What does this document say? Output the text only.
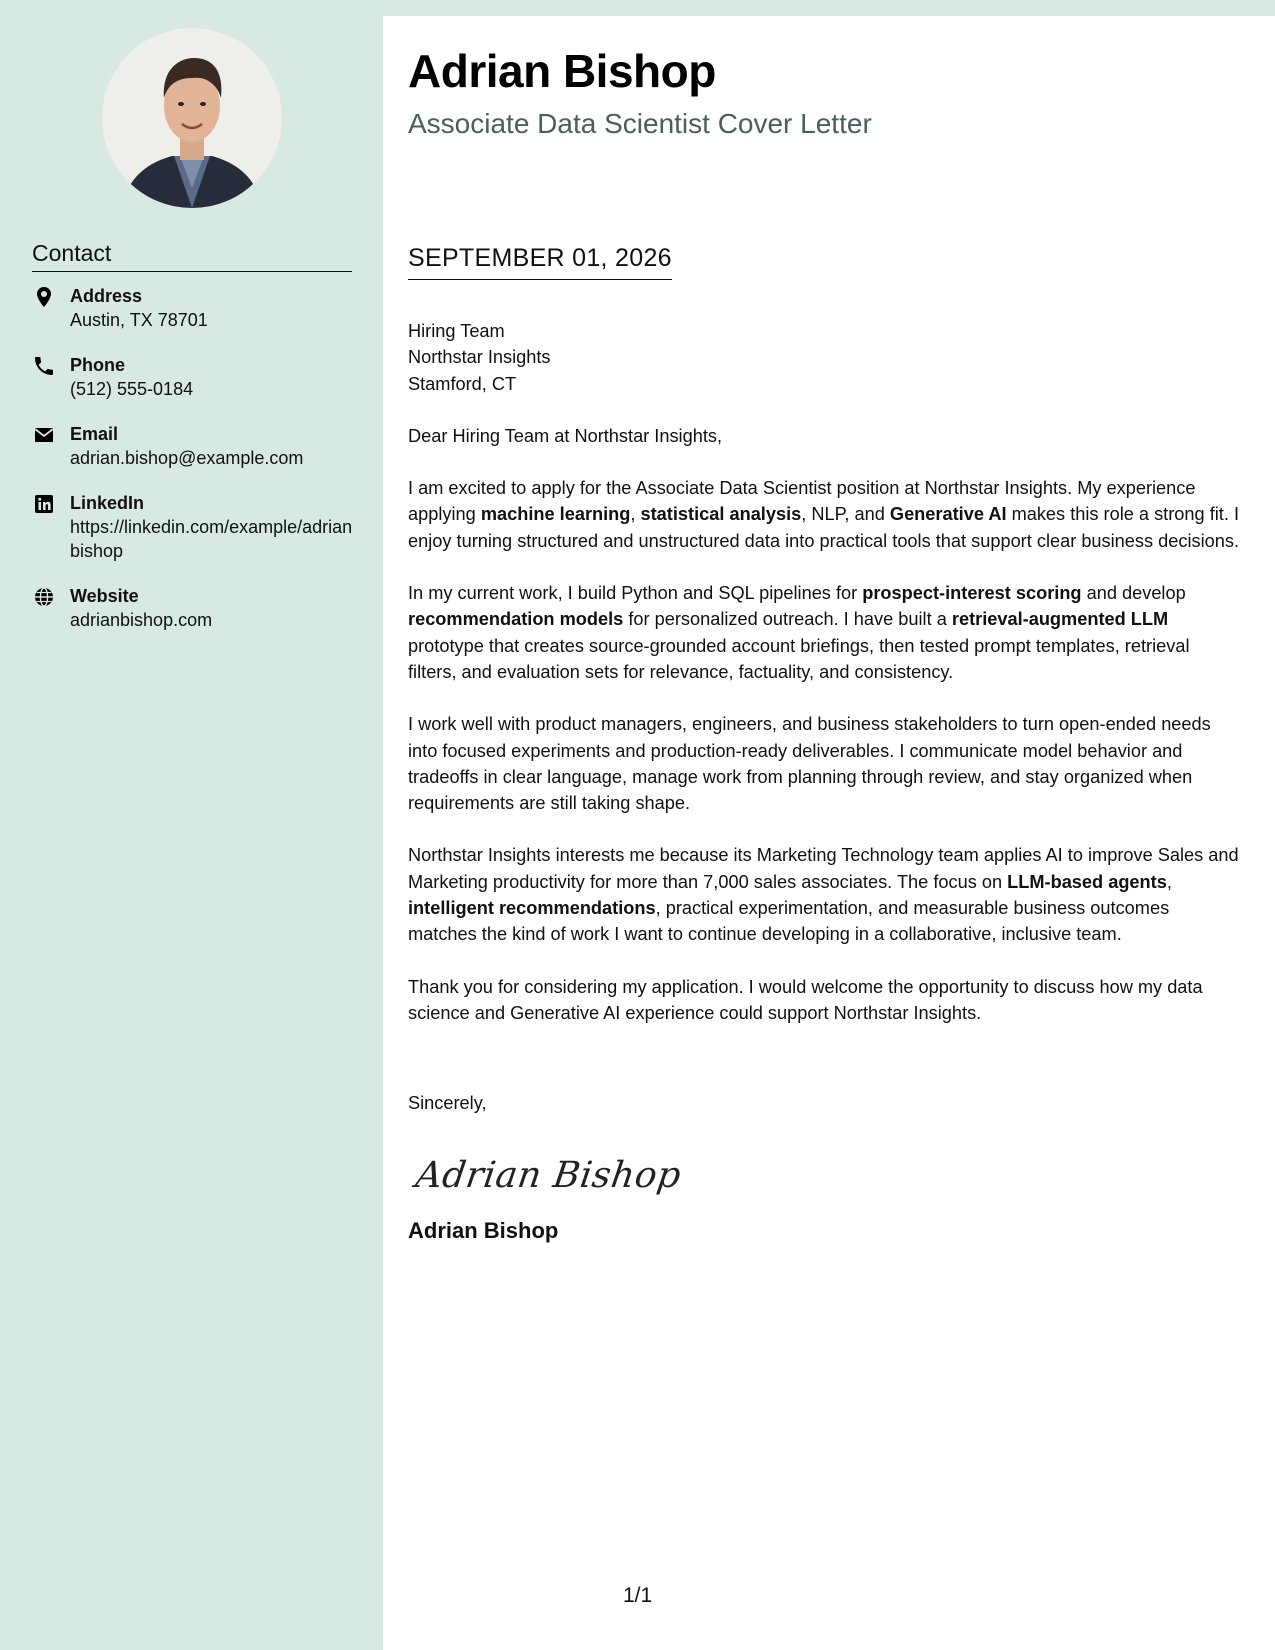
Contact
Address
Austin, TX 78701
Phone
(512) 555-0184
Email
adrian.bishop@example.com
LinkedIn
https://linkedin.com/example/adrianbishop
Website
adrianbishop.com
Adrian Bishop
Associate Data Scientist Cover Letter
SEPTEMBER 01, 2026

Hiring Team
Northstar Insights
Stamford, CT

Dear Hiring Team at Northstar Insights,

I am excited to apply for the Associate Data Scientist position at Northstar Insights. My experience applying machine learning, statistical analysis, NLP, and Generative AI makes this role a strong fit. I enjoy turning structured and unstructured data into practical tools that support clear business decisions.

In my current work, I build Python and SQL pipelines for prospect-interest scoring and develop recommendation models for personalized outreach. I have built a retrieval-augmented LLM prototype that creates source-grounded account briefings, then tested prompt templates, retrieval filters, and evaluation sets for relevance, factuality, and consistency.

I work well with product managers, engineers, and business stakeholders to turn open-ended needs into focused experiments and production-ready deliverables. I communicate model behavior and tradeoffs in clear language, manage work from planning through review, and stay organized when requirements are still taking shape.

Northstar Insights interests me because its Marketing Technology team applies AI to improve Sales and Marketing productivity for more than 7,000 sales associates. The focus on LLM-based agents, intelligent recommendations, practical experimentation, and measurable business outcomes matches the kind of work I want to continue developing in a collaborative, inclusive team.

Thank you for considering my application. I would welcome the opportunity to discuss how my data science and Generative AI experience could support Northstar Insights.

Sincerely,

Adrian Bishop
Adrian Bishop
1/1
